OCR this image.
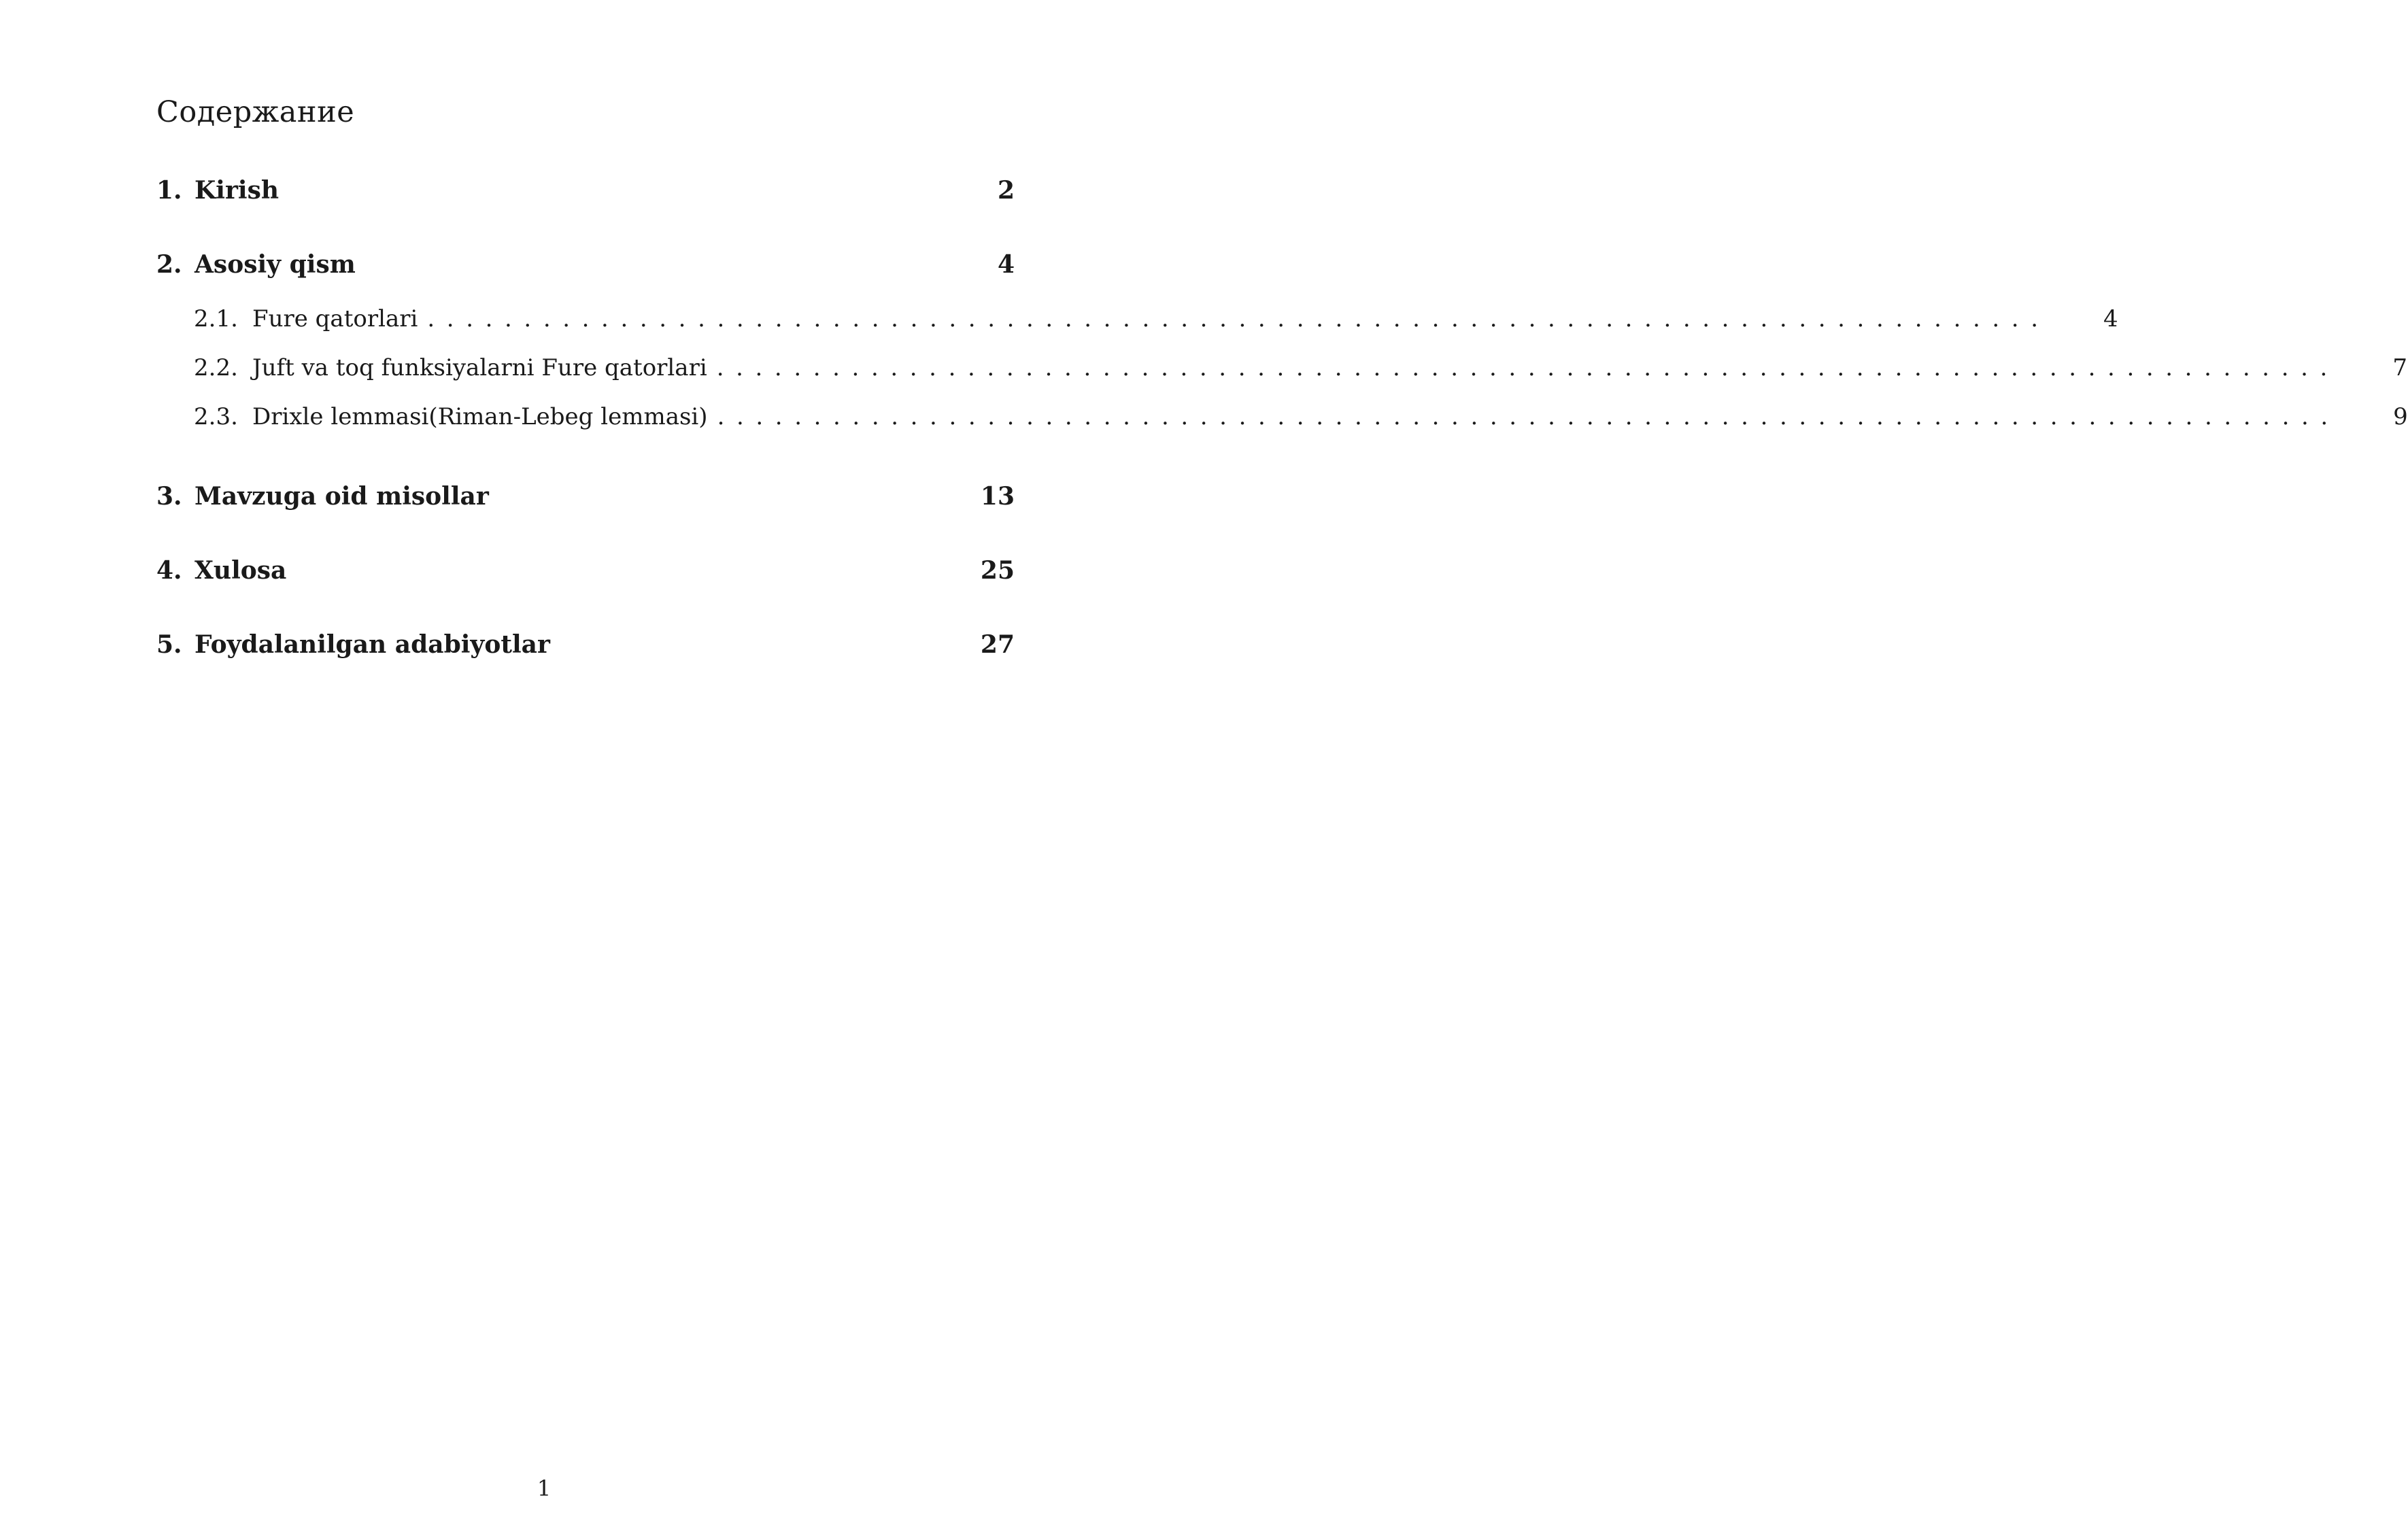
Содержание
1. Kirish	2
2. Asosiy qism	4
2.1. Fure qatorlari ....................................................................................	4
2.2. Juft va toq funksiyalarni Fure qatorlari ....................................................................................	7
2.3. Drixle lemmasi(Riman-Lebeg lemmasi) ....................................................................................	9
3. Mavzuga oid misollar	13
4. Xulosa	25
5. Foydalanilgan adabiyotlar	27
1
